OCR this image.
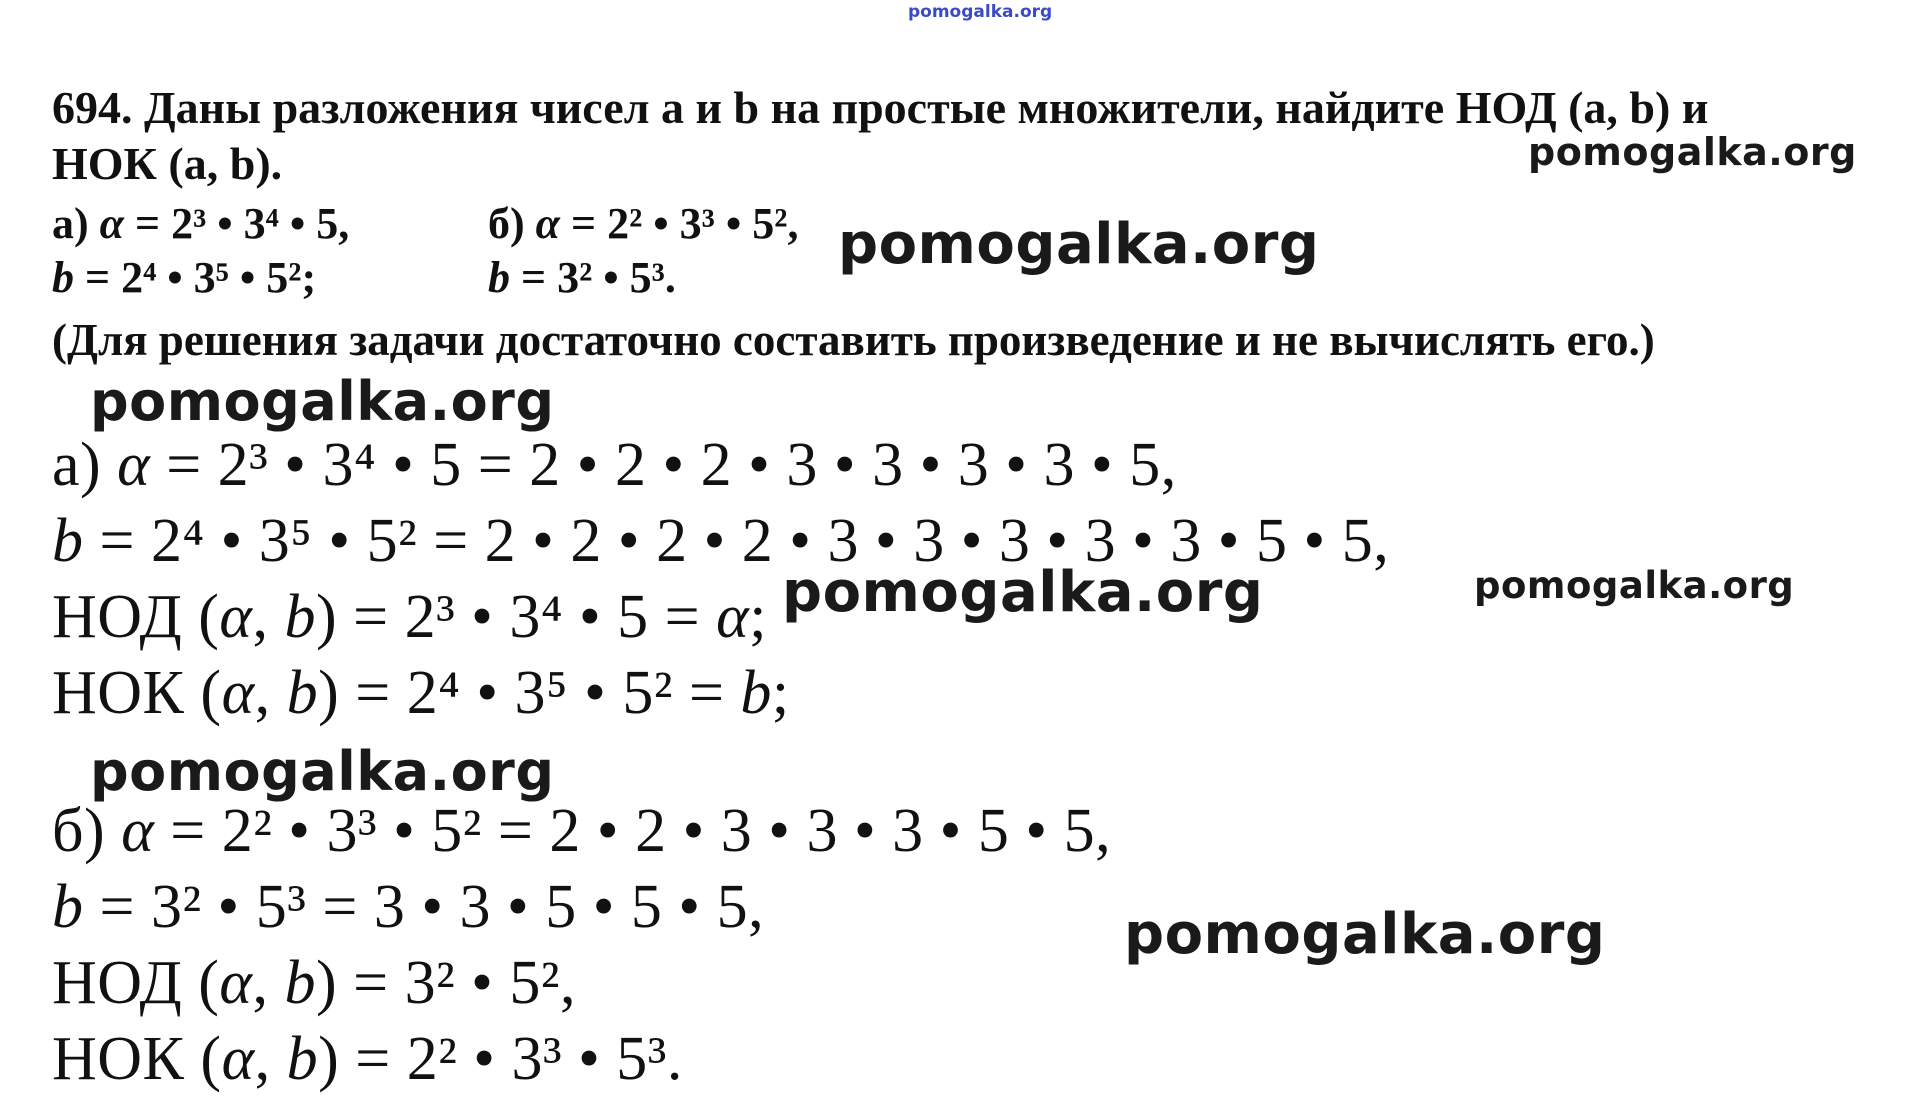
pomogalka.org
694. Даны разложения чисел a и b на простые множители, найдите НОД (a, b) и
НОК (a, b).	pomogalka.org
а) α = 2³ • 3⁴ • 5,	б) α = 2² • 3³ • 5²,
b = 2⁴ • 3⁵ • 5²;	b = 3² • 5³.
pomogalka.org
(Для решения задачи достаточно составить произведение и не вычислять его.)
pomogalka.org
а) α = 2³ • 3⁴ • 5 = 2 • 2 • 2 • 3 • 3 • 3 • 3 • 5,
b = 2⁴ • 3⁵ • 5² = 2 • 2 • 2 • 2 • 3 • 3 • 3 • 3 • 3 • 5 • 5,
НОД (α, b) = 2³ • 3⁴ • 5 = α;
НОК (α, b) = 2⁴ • 3⁵ • 5² = b;
pomogalka.org	pomogalka.org
pomogalka.org
б) α = 2² • 3³ • 5² = 2 • 2 • 3 • 3 • 3 • 5 • 5,
b = 3² • 5³ = 3 • 3 • 5 • 5 • 5,
НОД (α, b) = 3² • 5²,
НОК (α, b) = 2² • 3³ • 5³.
pomogalka.org
